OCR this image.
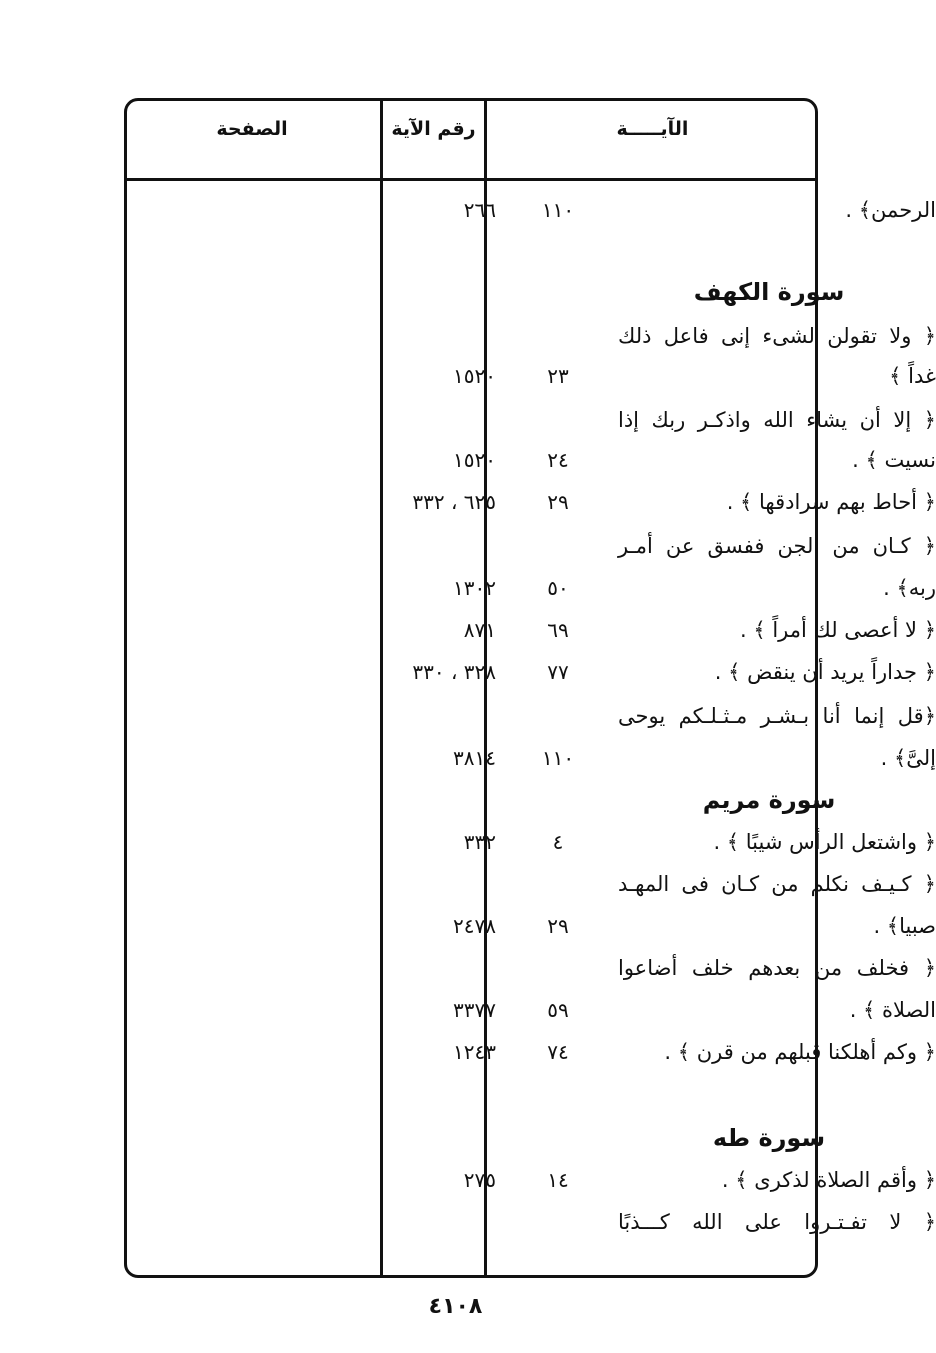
الآيـــــة
رقم الآية
الصفحة
الرحمن﴾ .
١١٠
٢٦٦
سورة الكهف
﴿ ولا تقولن لشىء إنى فاعل ذلك
غداً ﴾
٢٣
١٥٢٠
﴿ إلا أن يشاء الله واذكـر ربك إذا
نسيت ﴾ .
٢٤
١٥٢٠
﴿ أحاط بهم سرادقها ﴾ .
٢٩
٦٢٥ ، ٣٣٢
﴿ كـان من الجن ففسق عن أمـر
ربه﴾ .
٥٠
١٣٠٢
﴿ لا أعصى لك أمراً ﴾ .
٦٩
٨٧١
﴿ جداراً يريد أن ينقض ﴾ .
٧٧
٣٢٨ ، ٣٣٠
﴿قل إنما أنا بـشـر مـثـلـكم يوحى
إلىَّ﴾ .
١١٠
٣٨١٤
سورة مريم
﴿ واشتعل الرأس شيبًا ﴾ .
٤
٣٣٢
﴿ كـيـف نكلم من كـان فى المهـد
صبيا﴾ .
٢٩
٢٤٧٨
﴿ فخلف من بعدهم خلف أضاعوا
الصلاة ﴾ .
٥٩
٣٣٧٧
﴿ وكم أهلكنا قبلهم من قرن ﴾ .
٧٤
١٢٤٣
سورة طه
﴿ وأقم الصلاة لذكرى ﴾ .
١٤
٢٧٥
﴿ لا تفـتـروا على الله كـــذبًا
٤١٠٨
